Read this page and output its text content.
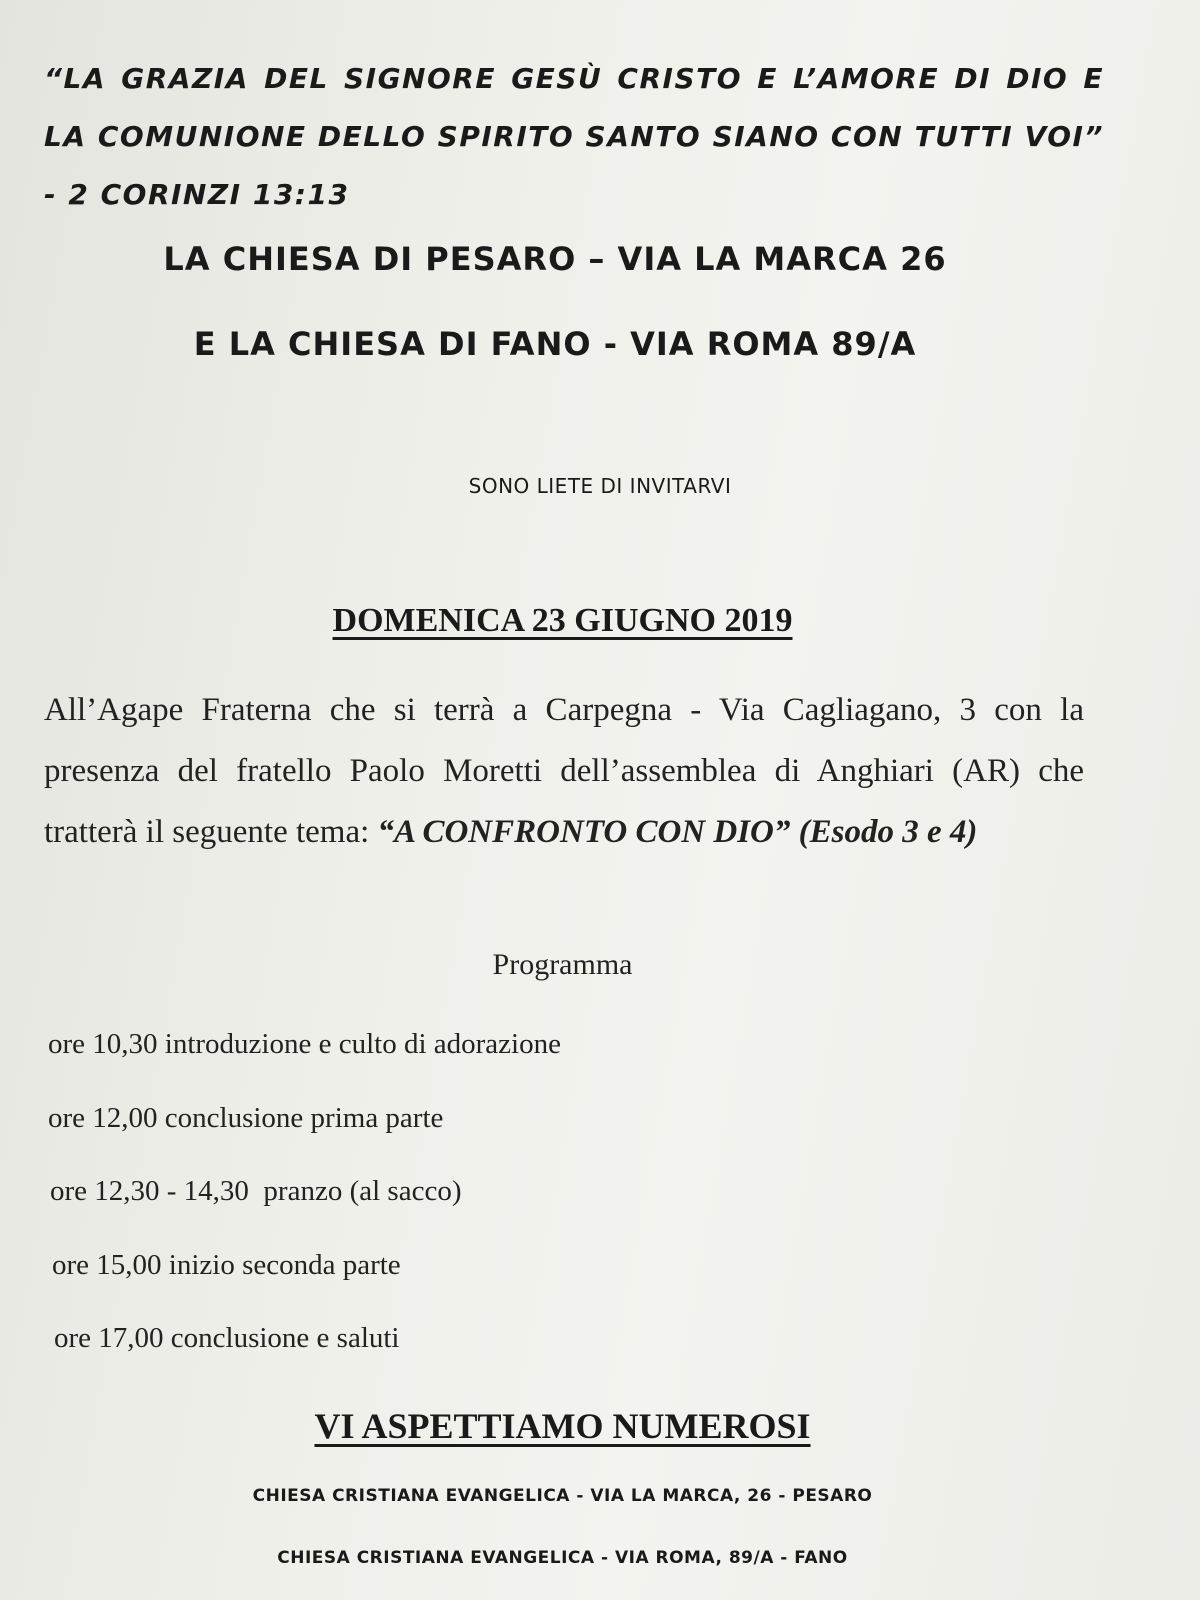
“LA GRAZIA DEL SIGNORE GESÙ CRISTO E L’AMORE DI DIO E LA COMUNIONE DELLO SPIRITO SANTO SIANO CON TUTTI VOI” - 2 CORINZI 13:13
LA CHIESA DI PESARO – VIA LA MARCA 26
E LA CHIESA DI FANO - VIA ROMA 89/A
SONO LIETE DI INVITARVI
DOMENICA 23 GIUGNO 2019
All’Agape Fraterna che si terrà a Carpegna - Via Cagliagano, 3 con la presenza del fratello Paolo Moretti dell’assemblea di Anghiari (AR) che tratterà il seguente tema: “A CONFRONTO CON DIO” (Esodo 3 e 4)
Programma
ore 10,30 introduzione e culto di adorazione
ore 12,00 conclusione prima parte
ore 12,30 - 14,30  pranzo (al sacco)
ore 15,00 inizio seconda parte
ore 17,00 conclusione e saluti
VI ASPETTIAMO NUMEROSI
CHIESA CRISTIANA EVANGELICA - VIA LA MARCA, 26 - PESARO
CHIESA CRISTIANA EVANGELICA - VIA ROMA, 89/A - FANO
